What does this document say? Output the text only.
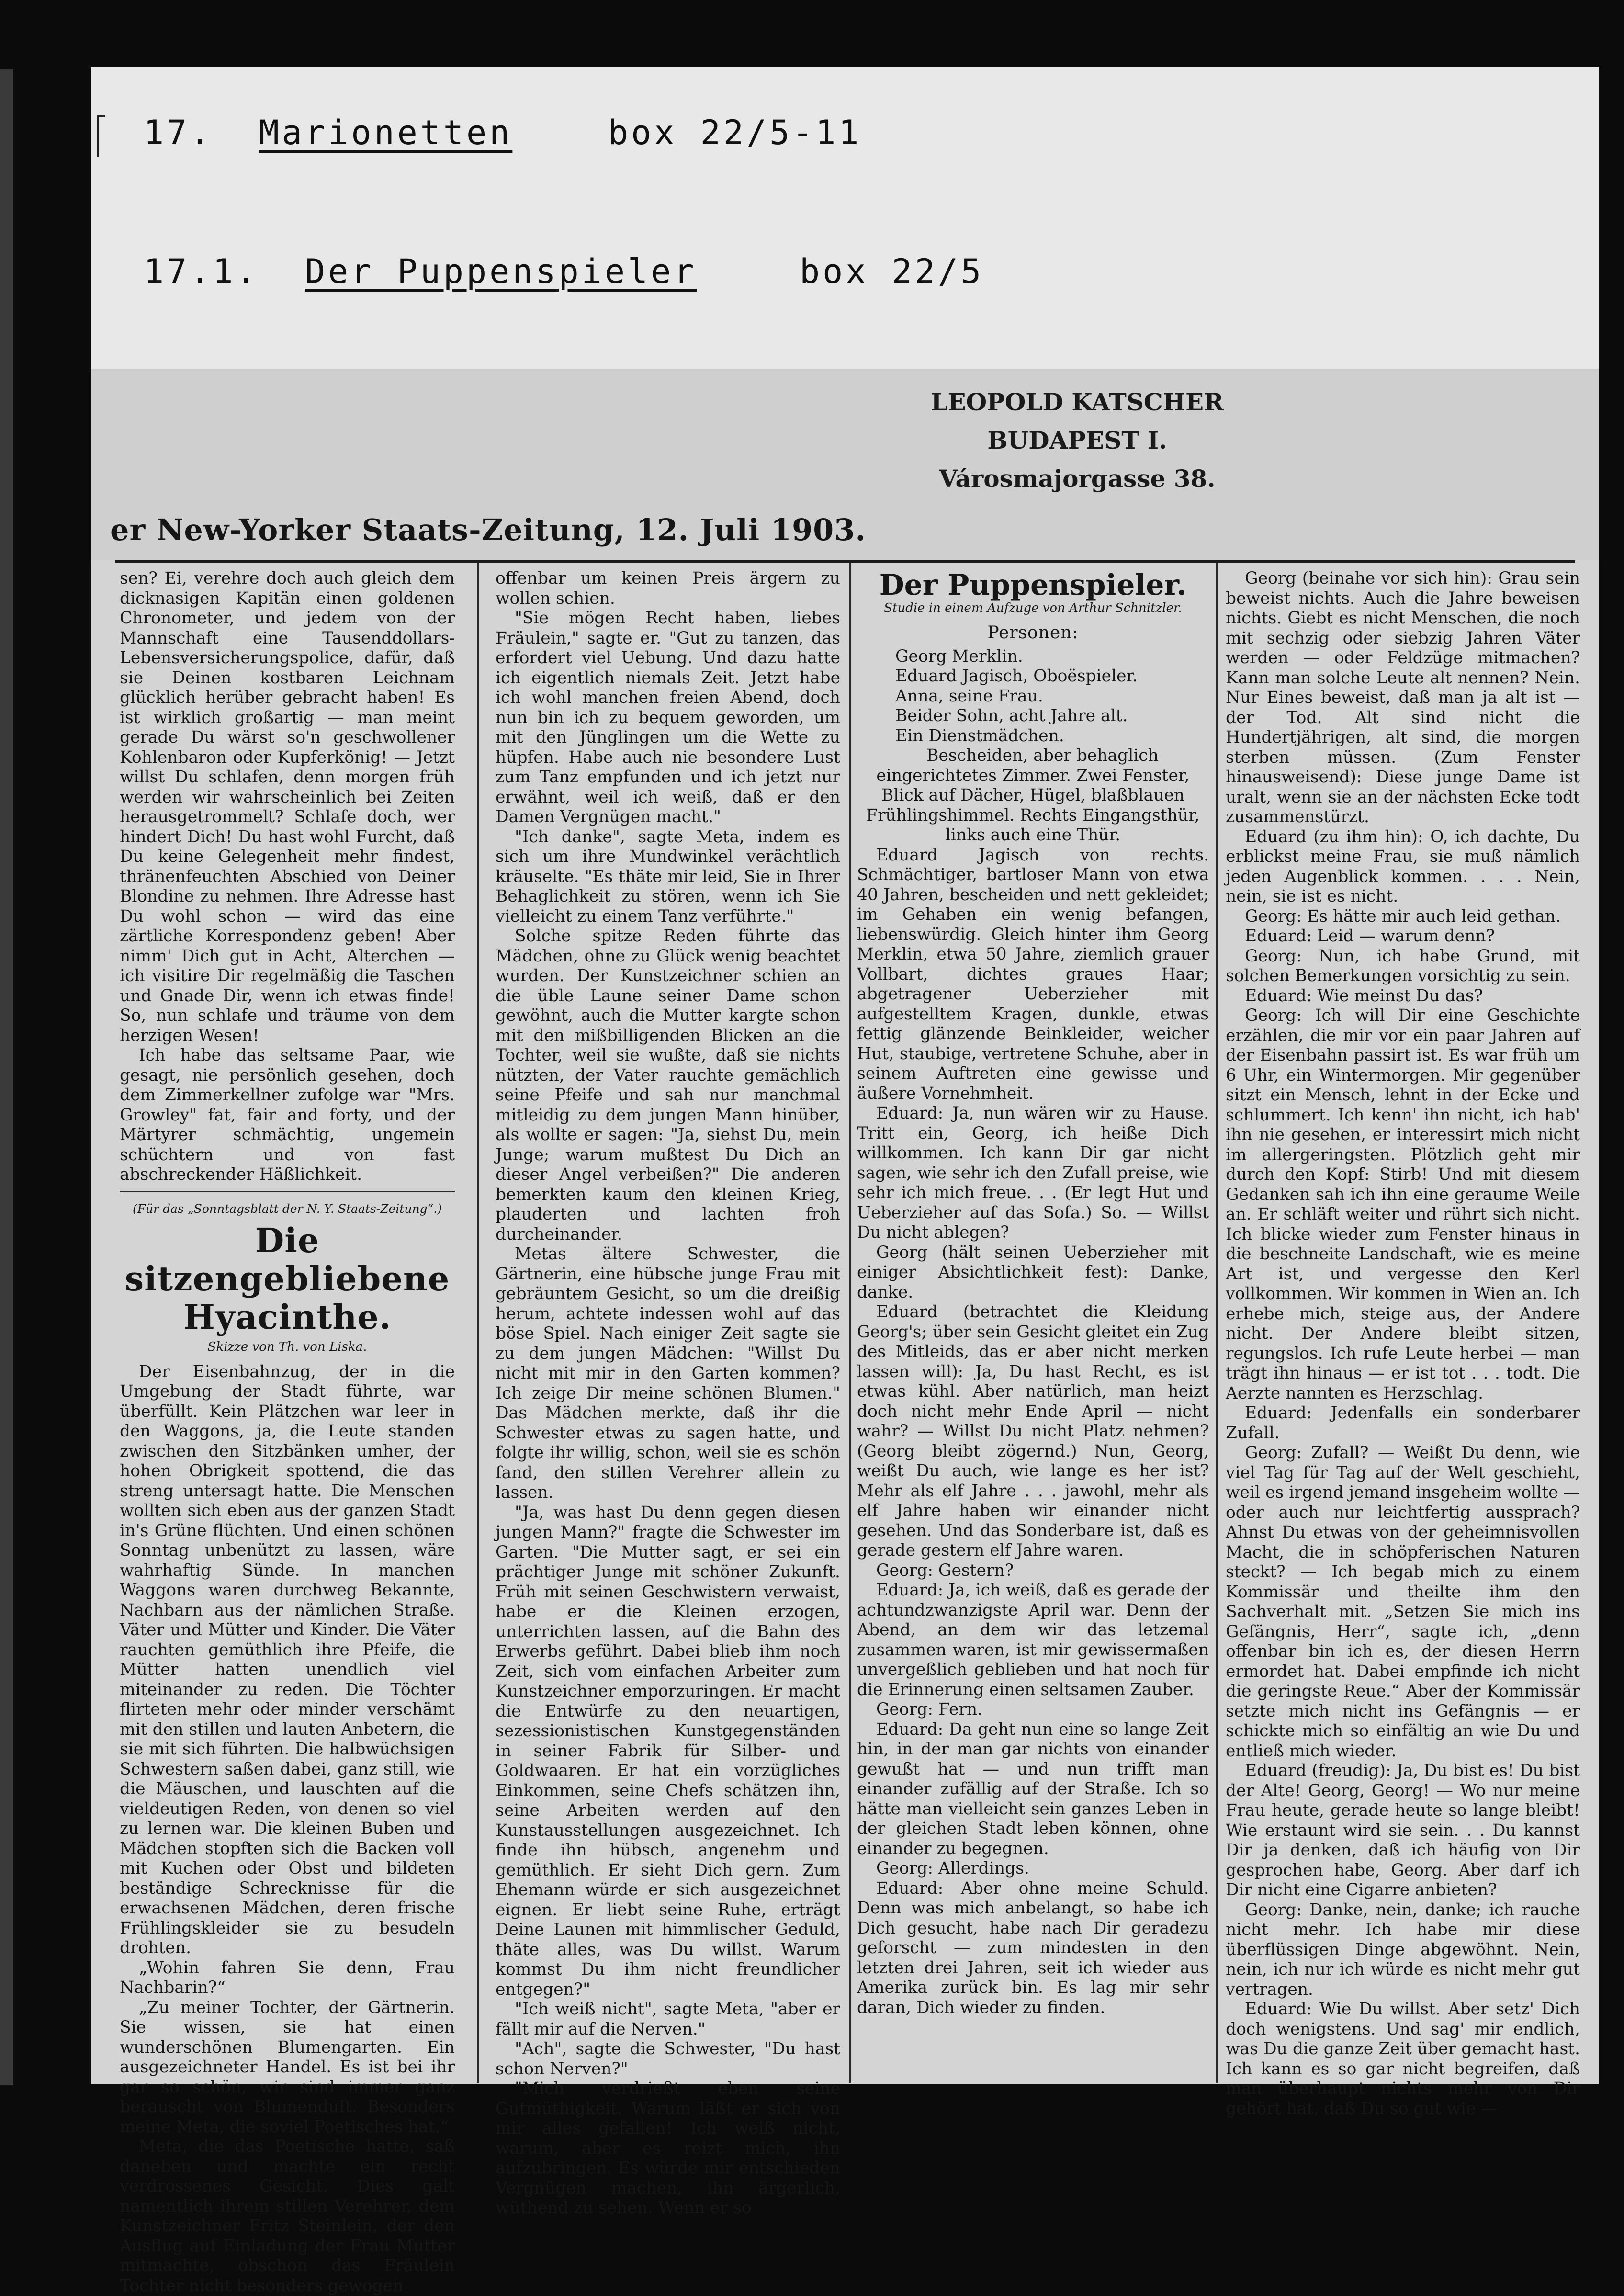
17. Marionetten	box 22/5-11
17.1. Der Puppenspieler	box 22/5
LEOPOLD KATSCHER
BUDAPEST I.
Városmajorgasse 38.
er New-Yorker Staats-Zeitung, 12. Juli 1903.

sen? Ei, verehre doch auch gleich dem dicknasigen Kapitän einen goldenen Chronometer, und jedem von der Mannschaft eine Tausenddollars-Lebensversicherungspolice, dafür, daß sie Deinen kostbaren Leichnam glücklich herüber gebracht haben! Es ist wirklich großartig — man meint gerade Du wärst so'n geschwollener Kohlenbaron oder Kupferkönig! — Jetzt willst Du schlafen, denn morgen früh werden wir wahrscheinlich bei Zeiten herausgetrommelt? Schlafe doch, wer hindert Dich! Du hast wohl Furcht, daß Du keine Gelegenheit mehr findest, thränenfeuchten Abschied von Deiner Blondine zu nehmen. Ihre Adresse hast Du wohl schon — wird das eine zärtliche Korrespondenz geben! Aber nimm' Dich gut in Acht, Alterchen — ich visitire Dir regelmäßig die Taschen und Gnade Dir, wenn ich etwas finde! So, nun schlafe und träume von dem herzigen Wesen!

Ich habe das seltsame Paar, wie gesagt, nie persönlich gesehen, doch dem Zimmerkellner zufolge war "Mrs. Growley" fat, fair and forty, und der Märtyrer schmächtig, ungemein schüchtern und von fast abschreckender Häßlichkeit.

(Für das „Sonntagsblatt der N. Y. Staats-Zeitung“.)
Die sitzengebliebene Hyacinthe.
Skizze von Th. von Liska.

Der Eisenbahnzug, der in die Umgebung der Stadt führte, war überfüllt. Kein Plätzchen war leer in den Waggons, ja, die Leute standen zwischen den Sitzbänken umher, der hohen Obrigkeit spottend, die das streng untersagt hatte. Die Menschen wollten sich eben aus der ganzen Stadt in's Grüne flüchten. Und einen schönen Sonntag unbenützt zu lassen, wäre wahrhaftig Sünde. In manchen Waggons waren durchweg Bekannte, Nachbarn aus der nämlichen Straße. Väter und Mütter und Kinder. Die Väter rauchten gemüthlich ihre Pfeife, die Mütter hatten unendlich viel miteinander zu reden. Die Töchter flirteten mehr oder minder verschämt mit den stillen und lauten Anbetern, die sie mit sich führten. Die halbwüchsigen Schwestern saßen dabei, ganz still, wie die Mäuschen, und lauschten auf die vieldeutigen Reden, von denen so viel zu lernen war. Die kleinen Buben und Mädchen stopften sich die Backen voll mit Kuchen oder Obst und bildeten beständige Schrecknisse für die erwachsenen Mädchen, deren frische Frühlingskleider sie zu besudeln drohten.

„Wohin fahren Sie denn, Frau Nachbarin?“

„Zu meiner Tochter, der Gärtnerin. Sie wissen, sie hat einen wunderschönen Blumengarten. Ein ausgezeichneter Handel. Es ist bei ihr gar so schön, wir sind immer ganz berauscht von Blumenduft. Besonders meine Meta, die soviel Poetisches hat.“

Meta, die das Poetische hatte, saß daneben und machte ein recht verdrossenes Gesicht. Dies galt namentlich ihrem stillen Verehrer, dem Kunstzeichner Fritz Steinlein, der den Ausflug auf Einladung der Frau Mutter mitmachte, obschon das Fräulein Tochter nicht besonders gewogen

offenbar um keinen Preis ärgern zu wollen schien.

"Sie mögen Recht haben, liebes Fräulein," sagte er. "Gut zu tanzen, das erfordert viel Uebung. Und dazu hatte ich eigentlich niemals Zeit. Jetzt habe ich wohl manchen freien Abend, doch nun bin ich zu bequem geworden, um mit den Jünglingen um die Wette zu hüpfen. Habe auch nie besondere Lust zum Tanz empfunden und ich jetzt nur erwähnt, weil ich weiß, daß er den Damen Vergnügen macht."

"Ich danke", sagte Meta, indem es sich um ihre Mundwinkel verächtlich kräuselte. "Es thäte mir leid, Sie in Ihrer Behaglichkeit zu stören, wenn ich Sie vielleicht zu einem Tanz verführte."

Solche spitze Reden führte das Mädchen, ohne zu Glück wenig beachtet wurden. Der Kunstzeichner schien an die üble Laune seiner Dame schon gewöhnt, auch die Mutter kargte schon mit den mißbilligenden Blicken an die Tochter, weil sie wußte, daß sie nichts nützten, der Vater rauchte gemächlich seine Pfeife und sah nur manchmal mitleidig zu dem jungen Mann hinüber, als wollte er sagen: "Ja, siehst Du, mein Junge; warum mußtest Du Dich an dieser Angel verbeißen?" Die anderen bemerkten kaum den kleinen Krieg, plauderten und lachten froh durcheinander.

Metas ältere Schwester, die Gärtnerin, eine hübsche junge Frau mit gebräuntem Gesicht, so um die dreißig herum, achtete indessen wohl auf das böse Spiel. Nach einiger Zeit sagte sie zu dem jungen Mädchen: "Willst Du nicht mit mir in den Garten kommen? Ich zeige Dir meine schönen Blumen." Das Mädchen merkte, daß ihr die Schwester etwas zu sagen hatte, und folgte ihr willig, schon, weil sie es schön fand, den stillen Verehrer allein zu lassen.

"Ja, was hast Du denn gegen diesen jungen Mann?" fragte die Schwester im Garten. "Die Mutter sagt, er sei ein prächtiger Junge mit schöner Zukunft. Früh mit seinen Geschwistern verwaist, habe er die Kleinen erzogen, unterrichten lassen, auf die Bahn des Erwerbs geführt. Dabei blieb ihm noch Zeit, sich vom einfachen Arbeiter zum Kunstzeichner emporzuringen. Er macht die Entwürfe zu den neuartigen, sezessionistischen Kunstgegenständen in seiner Fabrik für Silber- und Goldwaaren. Er hat ein vorzügliches Einkommen, seine Chefs schätzen ihn, seine Arbeiten werden auf den Kunstausstellungen ausgezeichnet. Ich finde ihn hübsch, angenehm und gemüthlich. Er sieht Dich gern. Zum Ehemann würde er sich ausgezeichnet eignen. Er liebt seine Ruhe, erträgt Deine Launen mit himmlischer Geduld, thäte alles, was Du willst. Warum kommst Du ihm nicht freundlicher entgegen?"

"Ich weiß nicht", sagte Meta, "aber er fällt mir auf die Nerven."

"Ach", sagte die Schwester, "Du hast schon Nerven?"

"Mich verdrießt eben seine Gutmüthigkeit. Warum läßt er sich von mir alles gefallen! Ich weiß nicht, warum, aber es reizt mich, ihn aufzubringen. Es würde mir entschieden Vergnügen machen, ihn ärgerlich, wüthend zu sehen. Wenn er so

Der Puppenspieler.
Studie in einem Aufzuge von Arthur Schnitzler.
Personen:
Georg Merklin.
Eduard Jagisch, Oboëspieler.
Anna, seine Frau.
Beider Sohn, acht Jahre alt.
Ein Dienstmädchen.

Bescheiden, aber behaglich eingerichtetes Zimmer. Zwei Fenster, Blick auf Dächer, Hügel, blaßblauen Frühlingshimmel. Rechts Eingangsthür, links auch eine Thür.

Eduard Jagisch von rechts. Schmächtiger, bartloser Mann von etwa 40 Jahren, bescheiden und nett gekleidet; im Gehaben ein wenig befangen, liebenswürdig. Gleich hinter ihm Georg Merklin, etwa 50 Jahre, ziemlich grauer Vollbart, dichtes graues Haar; abgetragener Ueberzieher mit aufgestelltem Kragen, dunkle, etwas fettig glänzende Beinkleider, weicher Hut, staubige, vertretene Schuhe, aber in seinem Auftreten eine gewisse und äußere Vornehmheit.

Eduard: Ja, nun wären wir zu Hause. Tritt ein, Georg, ich heiße Dich willkommen. Ich kann Dir gar nicht sagen, wie sehr ich den Zufall preise, wie sehr ich mich freue. . . (Er legt Hut und Ueberzieher auf das Sofa.) So. — Willst Du nicht ablegen?

Georg (hält seinen Ueberzieher mit einiger Absichtlichkeit fest): Danke, danke.

Eduard (betrachtet die Kleidung Georg's; über sein Gesicht gleitet ein Zug des Mitleids, das er aber nicht merken lassen will): Ja, Du hast Recht, es ist etwas kühl. Aber natürlich, man heizt doch nicht mehr Ende April — nicht wahr? — Willst Du nicht Platz nehmen? (Georg bleibt zögernd.) Nun, Georg, weißt Du auch, wie lange es her ist? Mehr als elf Jahre . . . jawohl, mehr als elf Jahre haben wir einander nicht gesehen. Und das Sonderbare ist, daß es gerade gestern elf Jahre waren.

Georg: Gestern?

Eduard: Ja, ich weiß, daß es gerade der achtundzwanzigste April war. Denn der Abend, an dem wir das letzemal zusammen waren, ist mir gewissermaßen unvergeßlich geblieben und hat noch für die Erinnerung einen seltsamen Zauber.

Georg: Fern.

Eduard: Da geht nun eine so lange Zeit hin, in der man gar nichts von einander gewußt hat — und nun trifft man einander zufällig auf der Straße. Ich so hätte man vielleicht sein ganzes Leben in der gleichen Stadt leben können, ohne einander zu begegnen.

Georg: Allerdings.

Eduard: Aber ohne meine Schuld. Denn was mich anbelangt, so habe ich Dich gesucht, habe nach Dir geradezu geforscht — zum mindesten in den letzten drei Jahren, seit ich wieder aus Amerika zurück bin. Es lag mir sehr daran, Dich wieder zu finden.

Georg (beinahe vor sich hin): Grau sein beweist nichts. Auch die Jahre beweisen nichts. Giebt es nicht Menschen, die noch mit sechzig oder siebzig Jahren Väter werden — oder Feldzüge mitmachen? Kann man solche Leute alt nennen? Nein. Nur Eines beweist, daß man ja alt ist — der Tod. Alt sind nicht die Hundertjährigen, alt sind, die morgen sterben müssen. (Zum Fenster hinausweisend): Diese junge Dame ist uralt, wenn sie an der nächsten Ecke todt zusammenstürzt.

Eduard (zu ihm hin): O, ich dachte, Du erblickst meine Frau, sie muß nämlich jeden Augenblick kommen. . . . Nein, nein, sie ist es nicht.

Georg: Es hätte mir auch leid gethan.

Eduard: Leid — warum denn?

Georg: Nun, ich habe Grund, mit solchen Bemerkungen vorsichtig zu sein.

Eduard: Wie meinst Du das?

Georg: Ich will Dir eine Geschichte erzählen, die mir vor ein paar Jahren auf der Eisenbahn passirt ist. Es war früh um 6 Uhr, ein Wintermorgen. Mir gegenüber sitzt ein Mensch, lehnt in der Ecke und schlummert. Ich kenn' ihn nicht, ich hab' ihn nie gesehen, er interessirt mich nicht im allergeringsten. Plötzlich geht mir durch den Kopf: Stirb! Und mit diesem Gedanken sah ich ihn eine geraume Weile an. Er schläft weiter und rührt sich nicht. Ich blicke wieder zum Fenster hinaus in die beschneite Landschaft, wie es meine Art ist, und vergesse den Kerl vollkommen. Wir kommen in Wien an. Ich erhebe mich, steige aus, der Andere nicht. Der Andere bleibt sitzen, regungslos. Ich rufe Leute herbei — man trägt ihn hinaus — er ist tot . . . todt. Die Aerzte nannten es Herzschlag.

Eduard: Jedenfalls ein sonderbarer Zufall.

Georg: Zufall? — Weißt Du denn, wie viel Tag für Tag auf der Welt geschieht, weil es irgend jemand insgeheim wollte — oder auch nur leichtfertig aussprach? Ahnst Du etwas von der geheimnisvollen Macht, die in schöpferischen Naturen steckt? — Ich begab mich zu einem Kommissär und theilte ihm den Sachverhalt mit. „Setzen Sie mich ins Gefängnis, Herr“, sagte ich, „denn offenbar bin ich es, der diesen Herrn ermordet hat. Dabei empfinde ich nicht die geringste Reue.“ Aber der Kommissär setzte mich nicht ins Gefängnis — er schickte mich so einfältig an wie Du und entließ mich wieder.

Eduard (freudig): Ja, Du bist es! Du bist der Alte! Georg, Georg! — Wo nur meine Frau heute, gerade heute so lange bleibt! Wie erstaunt wird sie sein. . . Du kannst Dir ja denken, daß ich häufig von Dir gesprochen habe, Georg. Aber darf ich Dir nicht eine Cigarre anbieten?

Georg: Danke, nein, danke; ich rauche nicht mehr. Ich habe mir diese überflüssigen Dinge abgewöhnt. Nein, nein, ich nur ich würde es nicht mehr gut vertragen.

Eduard: Wie Du willst. Aber setz' Dich doch wenigstens. Und sag' mir endlich, was Du die ganze Zeit über gemacht hast. Ich kann es so gar nicht begreifen, daß man überhaupt nichts mehr von Dir gehört hat, daß Du so gut wie —
